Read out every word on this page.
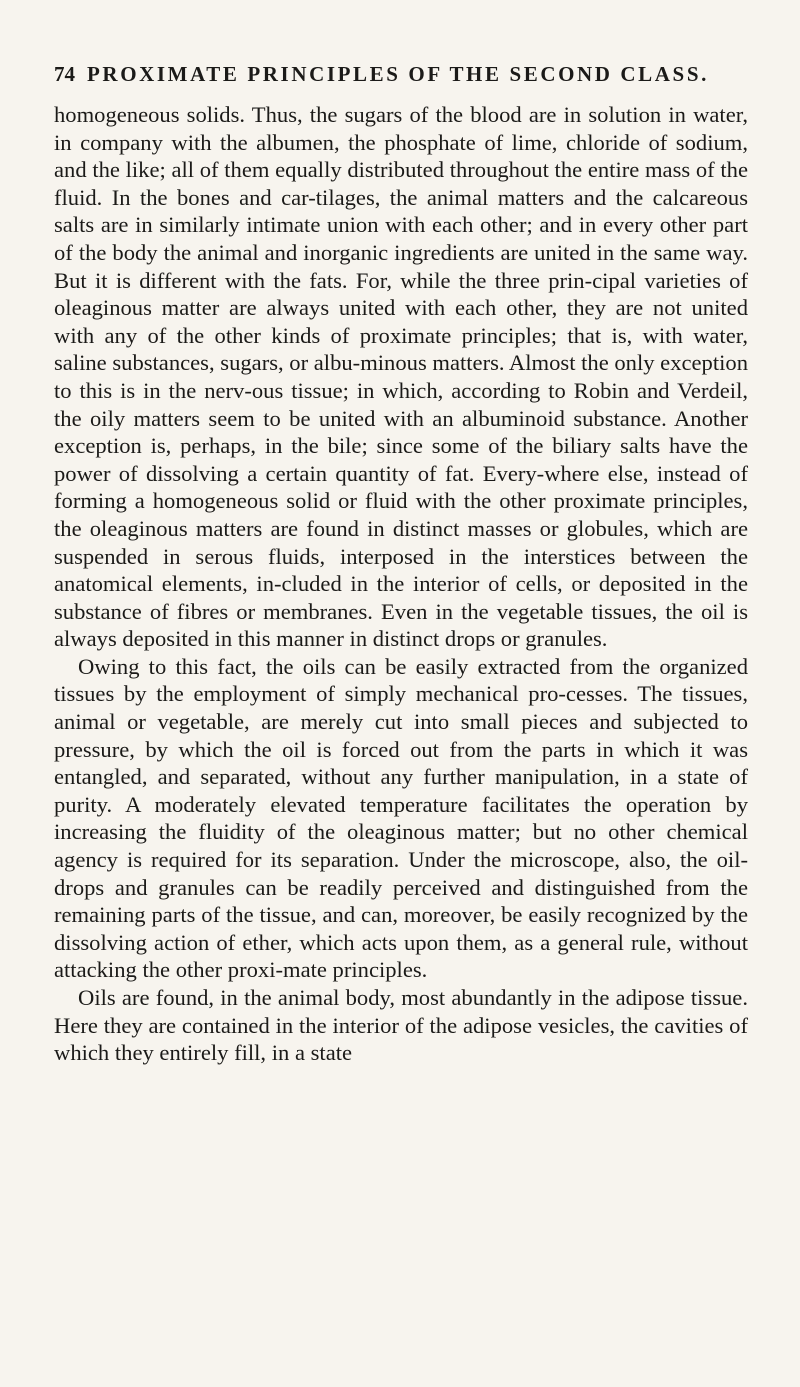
74 PROXIMATE PRINCIPLES OF THE SECOND CLASS.

homogeneous solids. Thus, the sugars of the blood are in solution in water, in company with the albumen, the phosphate of lime, chloride of sodium, and the like; all of them equally distributed throughout the entire mass of the fluid. In the bones and car-tilages, the animal matters and the calcareous salts are in similarly intimate union with each other; and in every other part of the body the animal and inorganic ingredients are united in the same way. But it is different with the fats. For, while the three prin-cipal varieties of oleaginous matter are always united with each other, they are not united with any of the other kinds of proximate principles; that is, with water, saline substances, sugars, or albu-minous matters. Almost the only exception to this is in the nerv-ous tissue; in which, according to Robin and Verdeil, the oily matters seem to be united with an albuminoid substance. Another exception is, perhaps, in the bile; since some of the biliary salts have the power of dissolving a certain quantity of fat. Every-where else, instead of forming a homogeneous solid or fluid with the other proximate principles, the oleaginous matters are found in distinct masses or globules, which are suspended in serous fluids, interposed in the interstices between the anatomical elements, in-cluded in the interior of cells, or deposited in the substance of fibres or membranes. Even in the vegetable tissues, the oil is always deposited in this manner in distinct drops or granules.

Owing to this fact, the oils can be easily extracted from the organized tissues by the employment of simply mechanical pro-cesses. The tissues, animal or vegetable, are merely cut into small pieces and subjected to pressure, by which the oil is forced out from the parts in which it was entangled, and separated, without any further manipulation, in a state of purity. A moderately elevated temperature facilitates the operation by increasing the fluidity of the oleaginous matter; but no other chemical agency is required for its separation. Under the microscope, also, the oil-drops and granules can be readily perceived and distinguished from the remaining parts of the tissue, and can, moreover, be easily recognized by the dissolving action of ether, which acts upon them, as a general rule, without attacking the other proxi-mate principles.

Oils are found, in the animal body, most abundantly in the adipose tissue. Here they are contained in the interior of the adipose vesicles, the cavities of which they entirely fill, in a state
